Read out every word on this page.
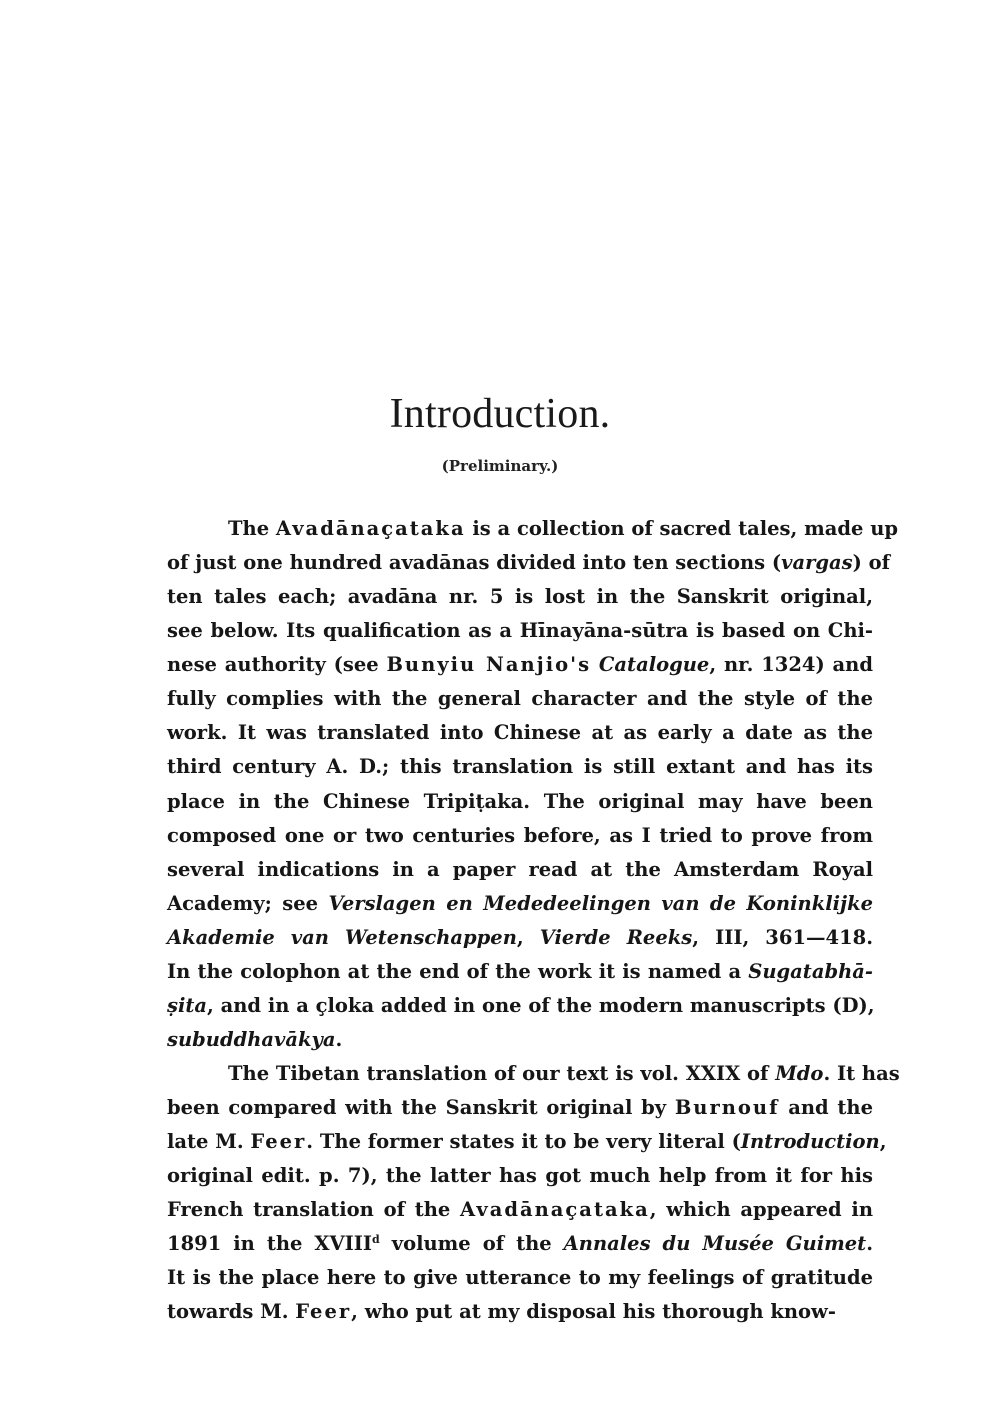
Introduction.
(Preliminary.)
The Avadānaçataka is a collection of sacred tales, made up
of just one hundred avadānas divided into ten sections (vargas) of
ten tales each; avadāna nr. 5 is lost in the Sanskrit original,
see below. Its qualification as a Hīnayāna-sūtra is based on Chi-
nese authority (see Bunyiu Nanjio's Catalogue, nr. 1324) and
fully complies with the general character and the style of the
work. It was translated into Chinese at as early a date as the
third century A. D.; this translation is still extant and has its
place in the Chinese Tripiṭaka. The original may have been
composed one or two centuries before, as I tried to prove from
several indications in a paper read at the Amsterdam Royal
Academy; see Verslagen en Mededeelingen van de Koninklijke
Akademie van Wetenschappen, Vierde Reeks, III, 361—418.
In the colophon at the end of the work it is named a Sugatabhā-
ṣita, and in a çloka added in one of the modern manuscripts (D),
subuddhavākya.
The Tibetan translation of our text is vol. XXIX of Mdo. It has
been compared with the Sanskrit original by Burnouf and the
late M. Feer. The former states it to be very literal (Introduction,
original edit. p. 7), the latter has got much help from it for his
French translation of the Avadānaçataka, which appeared in
1891 in the XVIII$^d$ volume of the Annales du Musée Guimet.
It is the place here to give utterance to my feelings of gratitude
towards M. Feer, who put at my disposal his thorough know-
